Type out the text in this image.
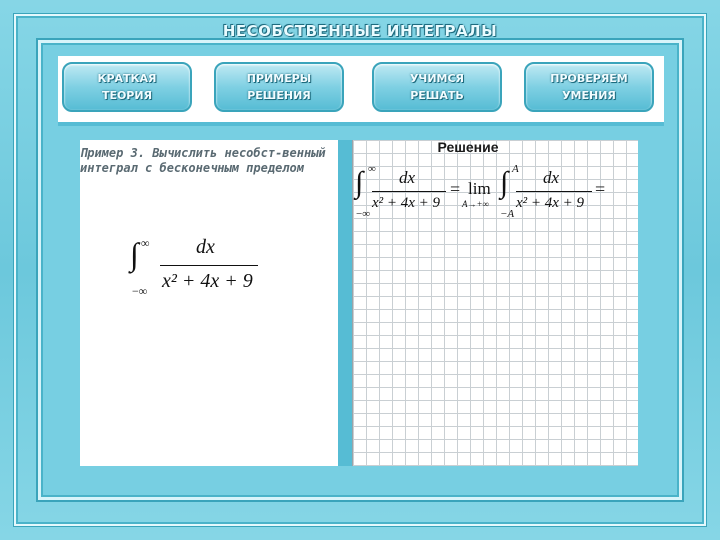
НЕСОБСТВЕННЫЕ ИНТЕГРАЛЫ
КРАТКАЯ
ТЕОРИЯ
ПРИМЕРЫ
РЕШЕНИЯ
УЧИМСЯ
РЕШАТЬ
ПРОВЕРЯЕМ
УМЕНИЯ
Пример 3. Вычислить несобст-венный интеграл с бесконечным пределом
∫ ∞
−∞
dx
x² + 4x + 9
Решение
∫ ∞
−∞
dx
x² + 4x + 9
= lim
A→+∞
∫ A
−A
dx
x² + 4x + 9
=
